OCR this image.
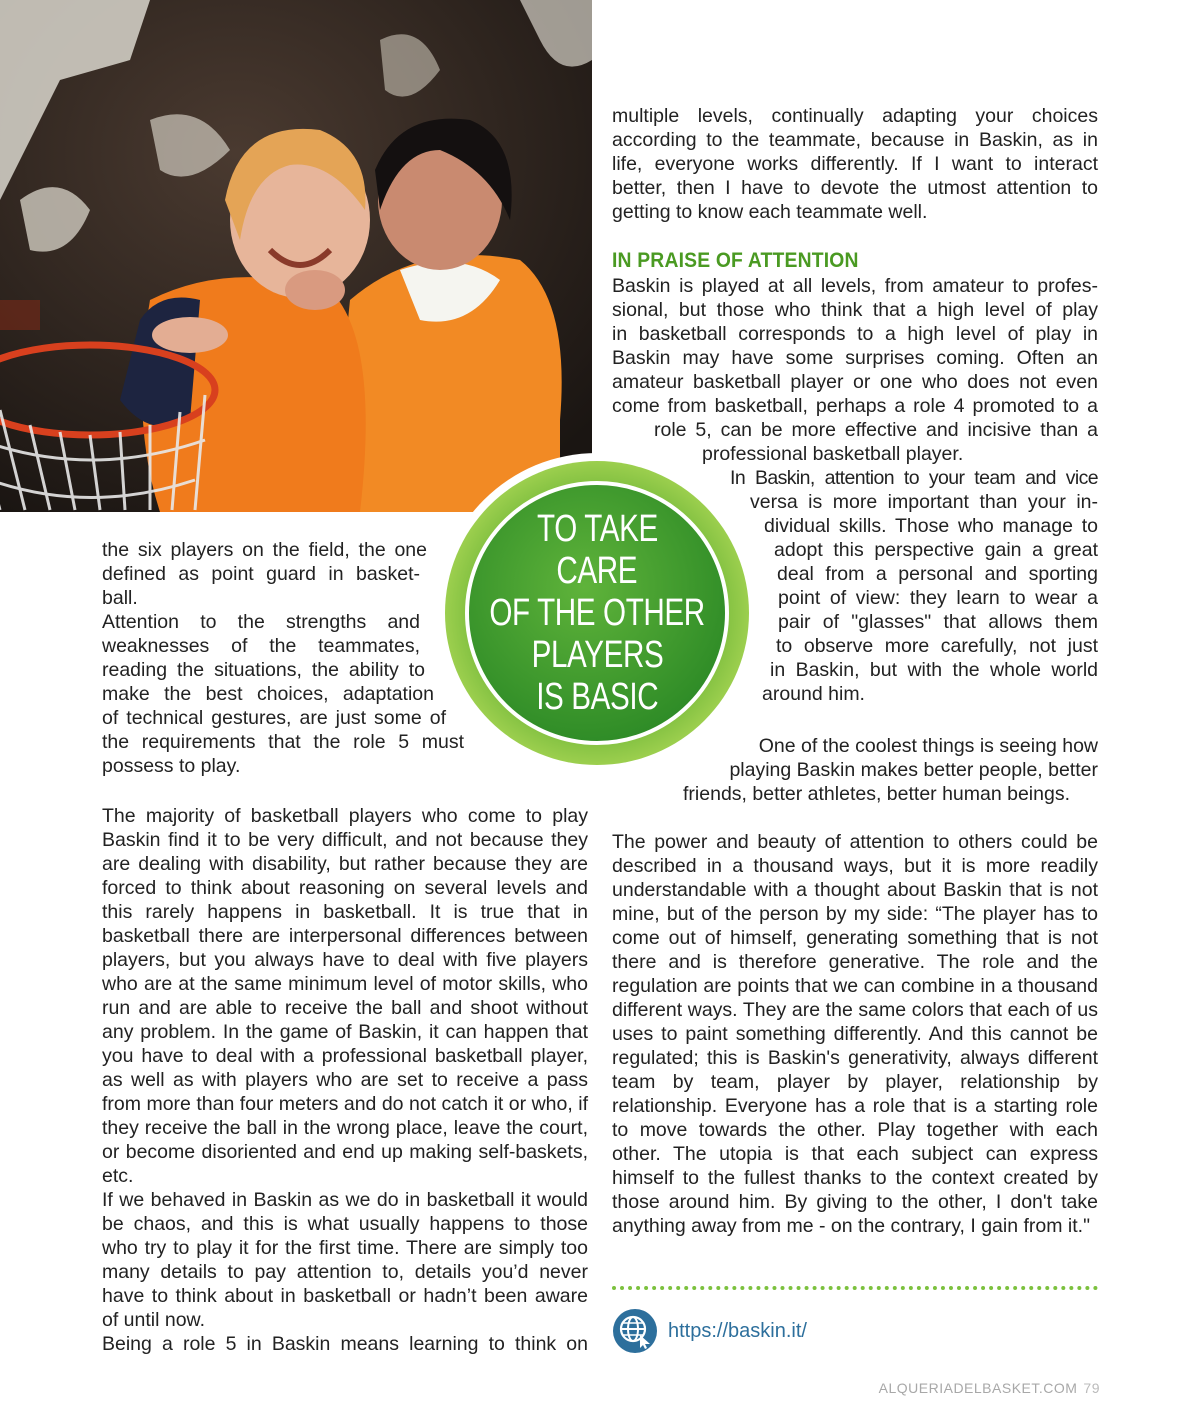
multiple levels, continually adapting your choices according to the teammate, because in Baskin, as in life, everyone works differently. If I want to interact better, then I have to devote the utmost attention to getting to know each teammate well.

IN PRAISE OF ATTENTION

Baskin is played at all levels, from amateur to profes-

sional, but those who think that a high level of play

in basketball corresponds to a high level of play in

Baskin may have some surprises coming. Often an

amateur basketball player or one who does not even

come from basketball, perhaps a role 4 promoted to a

role 5, can be more effective and incisive than a

professional basketball player.

In Baskin, attention to your team and vice

versa is more important than your in-

dividual skills. Those who manage to

adopt this perspective gain a great

deal from a personal and sporting

point of view: they learn to wear a

pair of "glasses" that allows them

to observe more carefully, not just

in Baskin, but with the whole world

around him.

One of the coolest things is seeing how

playing Baskin makes better people, better

friends, better athletes, better human beings.

The power and beauty of attention to others could be described in a thousand ways, but it is more readily understandable with a thought about Baskin that is not mine, but of the person by my side: “The player has to come out of himself, generating something that is not there and is therefore generative. The role and the regulation are points that we can combine in a thousand different ways. They are the same colors that each of us uses to paint something differently. And this cannot be regulated; this is Baskin's generativity, always different team by team, player by player, relationship by relationship. Everyone has a role that is a starting role to move towards the other. Play together with each other. The utopia is that each subject can express himself to the fullest thanks to the context created by those around him. By giving to the other, I don't take anything away from me - on the contrary, I gain from it."

TO TAKE
CARE
OF THE OTHER
PLAYERS
IS BASIC

the six players on the field, the one

defined as point guard in basket-

ball.

Attention to the strengths and

weaknesses of the teammates,

reading the situations, the ability to

make the best choices, adaptation

of technical gestures, are just some of

the requirements that the role 5 must

possess to play.

The majority of basketball players who come to play Baskin find it to be very difficult, and not because they are dealing with disability, but rather because they are forced to think about reasoning on several levels and this rarely happens in basketball. It is true that in basketball there are interpersonal differences between players, but you always have to deal with five players who are at the same minimum level of motor skills, who run and are able to receive the ball and shoot without any problem. In the game of Baskin, it can happen that you have to deal with a professional basketball player, as well as with players who are set to receive a pass from more than four meters and do not catch it or who, if they receive the ball in the wrong place, leave the court, or become disoriented and end up making self-baskets, etc.

If we behaved in Baskin as we do in basketball it would be chaos, and this is what usually happens to those who try to play it for the first time. There are simply too many details to pay attention to, details you’d never have to think about in basketball or hadn’t been aware of until now.

Being a role 5 in Baskin means learning to think on

https://baskin.it/
ALQUERIADELBASKET.COM 79
